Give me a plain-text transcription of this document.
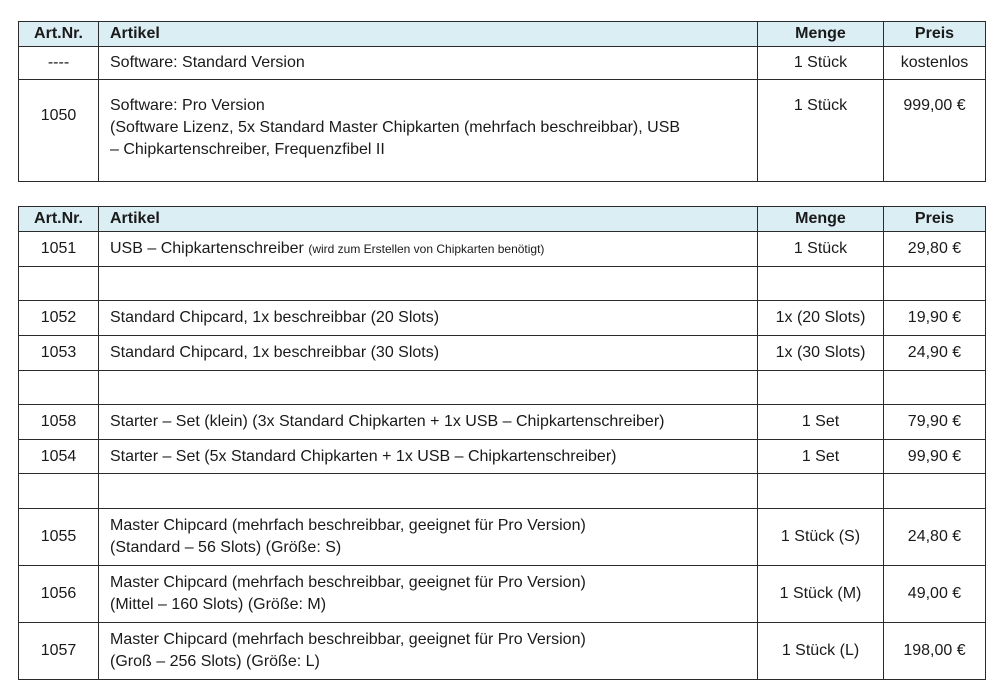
Art.Nr.	Artikel	Menge	Preis
----	Software: Standard Version	1 Stück	kostenlos
1050	Software: Pro Version
(Software Lizenz, 5x Standard Master Chipkarten (mehrfach beschreibbar), USB
– Chipkartenschreiber, Frequenzfibel II	1 Stück	999,00 €
Art.Nr.	Artikel	Menge	Preis
1051	USB – Chipkartenschreiber (wird zum Erstellen von Chipkarten benötigt)	1 Stück	29,80 €

1052	Standard Chipcard, 1x beschreibbar (20 Slots)	1x (20 Slots)	19,90 €
1053	Standard Chipcard, 1x beschreibbar (30 Slots)	1x (30 Slots)	24,90 €

1058	Starter – Set (klein) (3x Standard Chipkarten + 1x USB – Chipkartenschreiber)	1 Set	79,90 €
1054	Starter – Set (5x Standard Chipkarten + 1x USB – Chipkartenschreiber)	1 Set	99,90 €

1055	Master Chipcard (mehrfach beschreibbar, geeignet für Pro Version)
(Standard – 56 Slots) (Größe: S)	1 Stück (S)	24,80 €
1056	Master Chipcard (mehrfach beschreibbar, geeignet für Pro Version)
(Mittel – 160 Slots) (Größe: M)	1 Stück (M)	49,00 €
1057	Master Chipcard (mehrfach beschreibbar, geeignet für Pro Version)
(Groß – 256 Slots) (Größe: L)	1 Stück (L)	198,00 €
